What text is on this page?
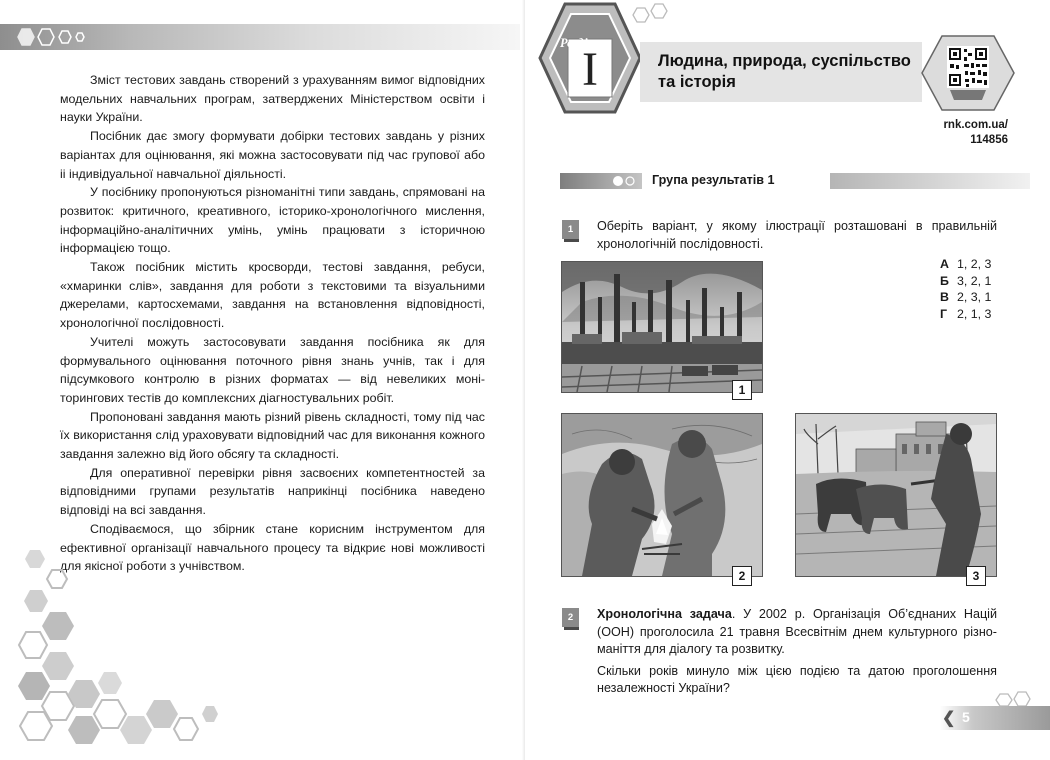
Зміст тестових завдань створений з урахуванням вимог відповідних модельних навчальних програм, затверджених Міністерством освіти і науки України.

Посібник дає змогу формувати добірки тестових завдань у різних варіантах для оцінювання, які можна застосовувати під час групової або іі індивідуальної навчальної діяльності.

У посібнику пропонуються різноманітні типи завдань, спрямовані на розвиток: критичного, креативного, історико-хронологічного мислення, інформаційно-аналітичних умінь, умінь працювати з історичною інформацією тощо.

Також посібник містить кросворди, тестові завдання, ребуси, «хмаринки слів», завдання для роботи з текстовими та візуальними джерелами, картосхемами, завдання на встановлення відповідності, хронологічної послідовності.

Учителі можуть застосовувати завдання посібника як для формувального оцінювання поточного рівня знань учнів, так і для підсумкового контролю в різних форматах — від невеликих моніторингових тестів до комплексних діагностувальних робіт.

Пропоновані завдання мають різний рівень складності, тому під час їх використання слід ураховувати відповідний час для виконання кожного завдання залежно від його обсягу та складності.

Для оперативної перевірки рівня засвоєних компетентностей за відповідними групами результатів наприкінці посібника наведено відповіді на всі завдання.

Сподіваємося, що збірник стане корисним інструментом для ефективної організації навчального процесу та відкриє нові можливості для якісної роботи з учнівством.

Розділ
I	Людина, природа, суспільство та історія
rnk.com.ua/
114856
Група результатів 1
1	Оберіть варіант, у якому ілюстрації розташовані в правильній хронологічній послідовності.

А 1, 2, 3
Б 3, 2, 1
В 2, 3, 1
Г 2, 1, 3
1
2	3
2	Хронологічна задача. У 2002 р. Організація Об’єднаних Націй (ООН) проголосила 21 травня Всесвітнім днем культурного різноманіття для діалогу та розвитку.

Скільки років минуло між цією подією та датою проголошення незалежності України?

❮ 5
